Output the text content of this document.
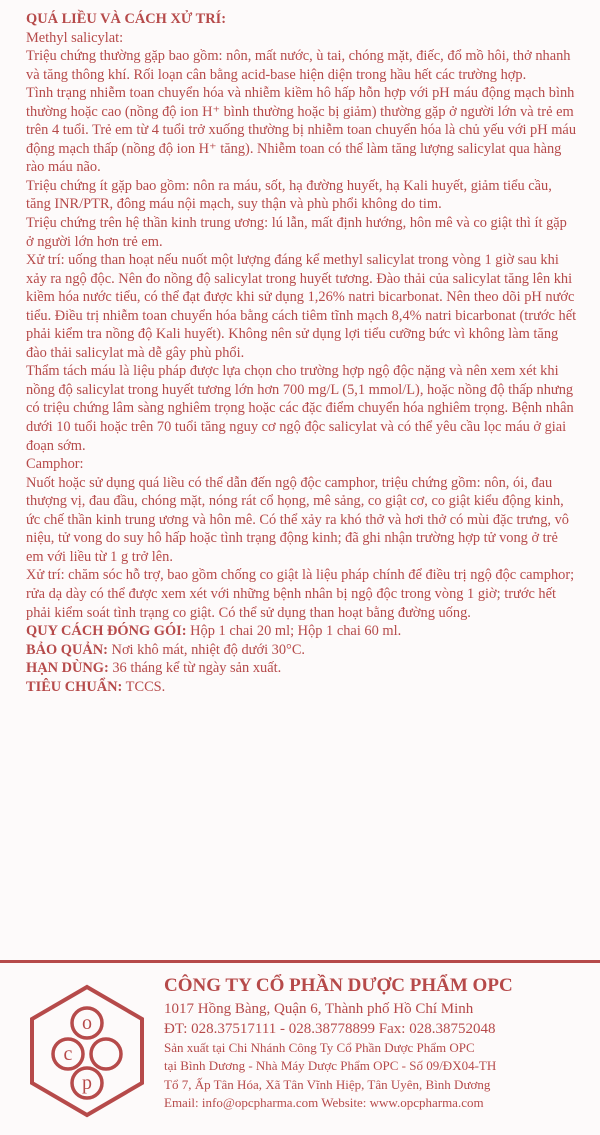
QUÁ LIỀU VÀ CÁCH XỬ TRÍ:

Methyl salicylat:

Triệu chứng thường gặp bao gồm: nôn, mất nước, ù tai, chóng mặt, điếc, đổ mồ hôi, thở nhanh và tăng thông khí. Rối loạn cân bằng acid-base hiện diện trong hầu hết các trường hợp.

Tình trạng nhiễm toan chuyển hóa và nhiễm kiềm hô hấp hỗn hợp với pH máu động mạch bình thường hoặc cao (nồng độ ion H⁺ bình thường hoặc bị giảm) thường gặp ở người lớn và trẻ em trên 4 tuổi. Trẻ em từ 4 tuổi trở xuống thường bị nhiễm toan chuyển hóa là chủ yếu với pH máu động mạch thấp (nồng độ ion H⁺ tăng). Nhiễm toan có thể làm tăng lượng salicylat qua hàng rào máu não.

Triệu chứng ít gặp bao gồm: nôn ra máu, sốt, hạ đường huyết, hạ Kali huyết, giảm tiểu cầu, tăng INR/PTR, đông máu nội mạch, suy thận và phù phổi không do tim.

Triệu chứng trên hệ thần kinh trung ương: lú lẫn, mất định hướng, hôn mê và co giật thì ít gặp ở người lớn hơn trẻ em.

Xử trí: uống than hoạt nếu nuốt một lượng đáng kể methyl salicylat trong vòng 1 giờ sau khi xảy ra ngộ độc. Nên đo nồng độ salicylat trong huyết tương. Đào thải của salicylat tăng lên khi kiềm hóa nước tiểu, có thể đạt được khi sử dụng 1,26% natri bicarbonat. Nên theo dõi pH nước tiểu. Điều trị nhiễm toan chuyển hóa bằng cách tiêm tĩnh mạch 8,4% natri bicarbonat (trước hết phải kiểm tra nồng độ Kali huyết). Không nên sử dụng lợi tiểu cưỡng bức vì không làm tăng đào thải salicylat mà dễ gây phù phổi.

Thẩm tách máu là liệu pháp được lựa chọn cho trường hợp ngộ độc nặng và nên xem xét khi nồng độ salicylat trong huyết tương lớn hơn 700 mg/L (5,1 mmol/L), hoặc nồng độ thấp nhưng có triệu chứng lâm sàng nghiêm trọng hoặc các đặc điểm chuyển hóa nghiêm trọng. Bệnh nhân dưới 10 tuổi hoặc trên 70 tuổi tăng nguy cơ ngộ độc salicylat và có thể yêu cầu lọc máu ở giai đoạn sớm.

Camphor:

Nuốt hoặc sử dụng quá liều có thể dẫn đến ngộ độc camphor, triệu chứng gồm: nôn, ói, đau thượng vị, đau đầu, chóng mặt, nóng rát cổ họng, mê sảng, co giật cơ, co giật kiểu động kinh, ức chế thần kinh trung ương và hôn mê. Có thể xảy ra khó thở và hơi thở có mùi đặc trưng, vô niệu, tử vong do suy hô hấp hoặc tình trạng động kinh; đã ghi nhận trường hợp tử vong ở trẻ em với liều từ 1 g trở lên.

Xử trí: chăm sóc hỗ trợ, bao gồm chống co giật là liệu pháp chính để điều trị ngộ độc camphor; rửa dạ dày có thể được xem xét với những bệnh nhân bị ngộ độc trong vòng 1 giờ; trước hết phải kiểm soát tình trạng co giật. Có thể sử dụng than hoạt bằng đường uống.

QUY CÁCH ĐÓNG GÓI: Hộp 1 chai 20 ml; Hộp 1 chai 60 ml.

BẢO QUẢN: Nơi khô mát, nhiệt độ dưới 30°C.

HẠN DÙNG: 36 tháng kể từ ngày sản xuất.

TIÊU CHUẨN: TCCS.

o
c
p
CÔNG TY CỔ PHẦN DƯỢC PHẨM OPC
1017 Hồng Bàng, Quận 6, Thành phố Hồ Chí Minh
ĐT: 028.37517111 - 028.38778899 Fax: 028.38752048
Sản xuất tại Chi Nhánh Công Ty Cổ Phần Dược Phẩm OPC
tại Bình Dương - Nhà Máy Dược Phẩm OPC - Số 09/ĐX04-TH
Tổ 7, Ấp Tân Hóa, Xã Tân Vĩnh Hiệp, Tân Uyên, Bình Dương
Email: info@opcpharma.com Website: www.opcpharma.com
